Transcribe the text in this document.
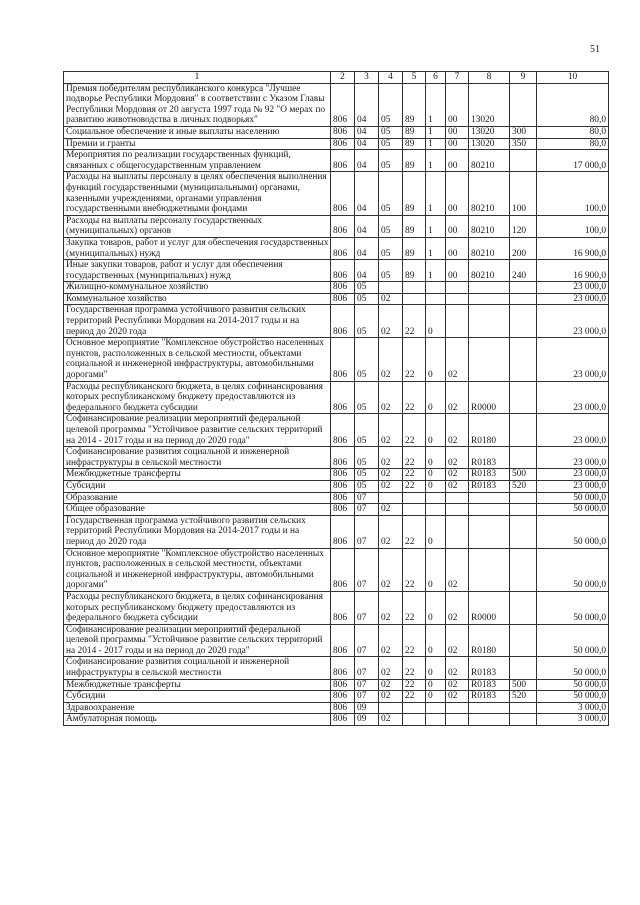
51
1	2	3	4	5	6	7	8	9	10
Премия победителям республиканского конкурса "Лучшее подворье Республики Мордовия" в соответствии с Указом Главы Республики Мордовия от 20 августа 1997 года № 92 "О мерах по развитию животноводства в личных подворьях"	806	04	05	89	1	00	13020		80,0
Социальное обеспечение и иные выплаты населению	806	04	05	89	1	00	13020	300	80,0
Премии и гранты	806	04	05	89	1	00	13020	350	80,0
Мероприятия по реализации государственных функций, связанных с общегосударственным управлением	806	04	05	89	1	00	80210		17 000,0
Расходы на выплаты персоналу в целях обеспечения выполнения функций государственными (муниципальными) органами, казенными учреждениями, органами управления государственными внебюджетными фондами	806	04	05	89	1	00	80210	100	100,0
Расходы на выплаты персоналу государственных (муниципальных) органов	806	04	05	89	1	00	80210	120	100,0
Закупка товаров, работ и услуг для обеспечения государственных (муниципальных) нужд	806	04	05	89	1	00	80210	200	16 900,0
Иные закупки товаров, работ и услуг для обеспечения государственных (муниципальных) нужд	806	04	05	89	1	00	80210	240	16 900,0
Жилищно-коммунальное хозяйство	806	05							23 000,0
Коммунальное хозяйство	806	05	02						23 000,0
Государственная программа устойчивого развития сельских территорий Республики Мордовия на 2014-2017 годы и на период до 2020 года	806	05	02	22	0				23 000,0
Основное мероприятие "Комплексное обустройство населенных пунктов, расположенных в сельской местности, объектами социальной и инженерной инфраструктуры, автомобильными дорогами"	806	05	02	22	0	02			23 000,0
Расходы республиканского бюджета, в целях софинансирования которых республиканскому бюджету предоставляются из федерального бюджета субсидии	806	05	02	22	0	02	R0000		23 000,0
Софинансирование реализации мероприятий федеральной целевой программы "Устойчивое развитие сельских территорий на 2014 - 2017 годы и на период до 2020 года"	806	05	02	22	0	02	R0180		23 000,0
Софинансирование развития социальной и инженерной инфраструктуры в сельской местности	806	05	02	22	0	02	R0183		23 000,0
Межбюджетные трансферты	806	05	02	22	0	02	R0183	500	23 000,0
Субсидии	806	05	02	22	0	02	R0183	520	23 000,0
Образование	806	07							50 000,0
Общее образование	806	07	02						50 000,0
Государственная программа устойчивого развития сельских территорий Республики Мордовия на 2014-2017 годы и на период до 2020 года	806	07	02	22	0				50 000,0
Основное мероприятие "Комплексное обустройство населенных пунктов, расположенных в сельской местности, объектами социальной и инженерной инфраструктуры, автомобильными дорогами"	806	07	02	22	0	02			50 000,0
Расходы республиканского бюджета, в целях софинансирования которых республиканскому бюджету предоставляются из федерального бюджета субсидии	806	07	02	22	0	02	R0000		50 000,0
Софинансирование реализации мероприятий федеральной целевой программы "Устойчивое развитие сельских территорий на 2014 - 2017 годы и на период до 2020 года"	806	07	02	22	0	02	R0180		50 000,0
Софинансирование развития социальной и инженерной инфраструктуры в сельской местности	806	07	02	22	0	02	R0183		50 000,0
Межбюджетные трансферты	806	07	02	22	0	02	R0183	500	50 000,0
Субсидии	806	07	02	22	0	02	R0183	520	50 000,0
Здравоохранение	806	09							3 000,0
Амбулаторная помощь	806	09	02						3 000,0
